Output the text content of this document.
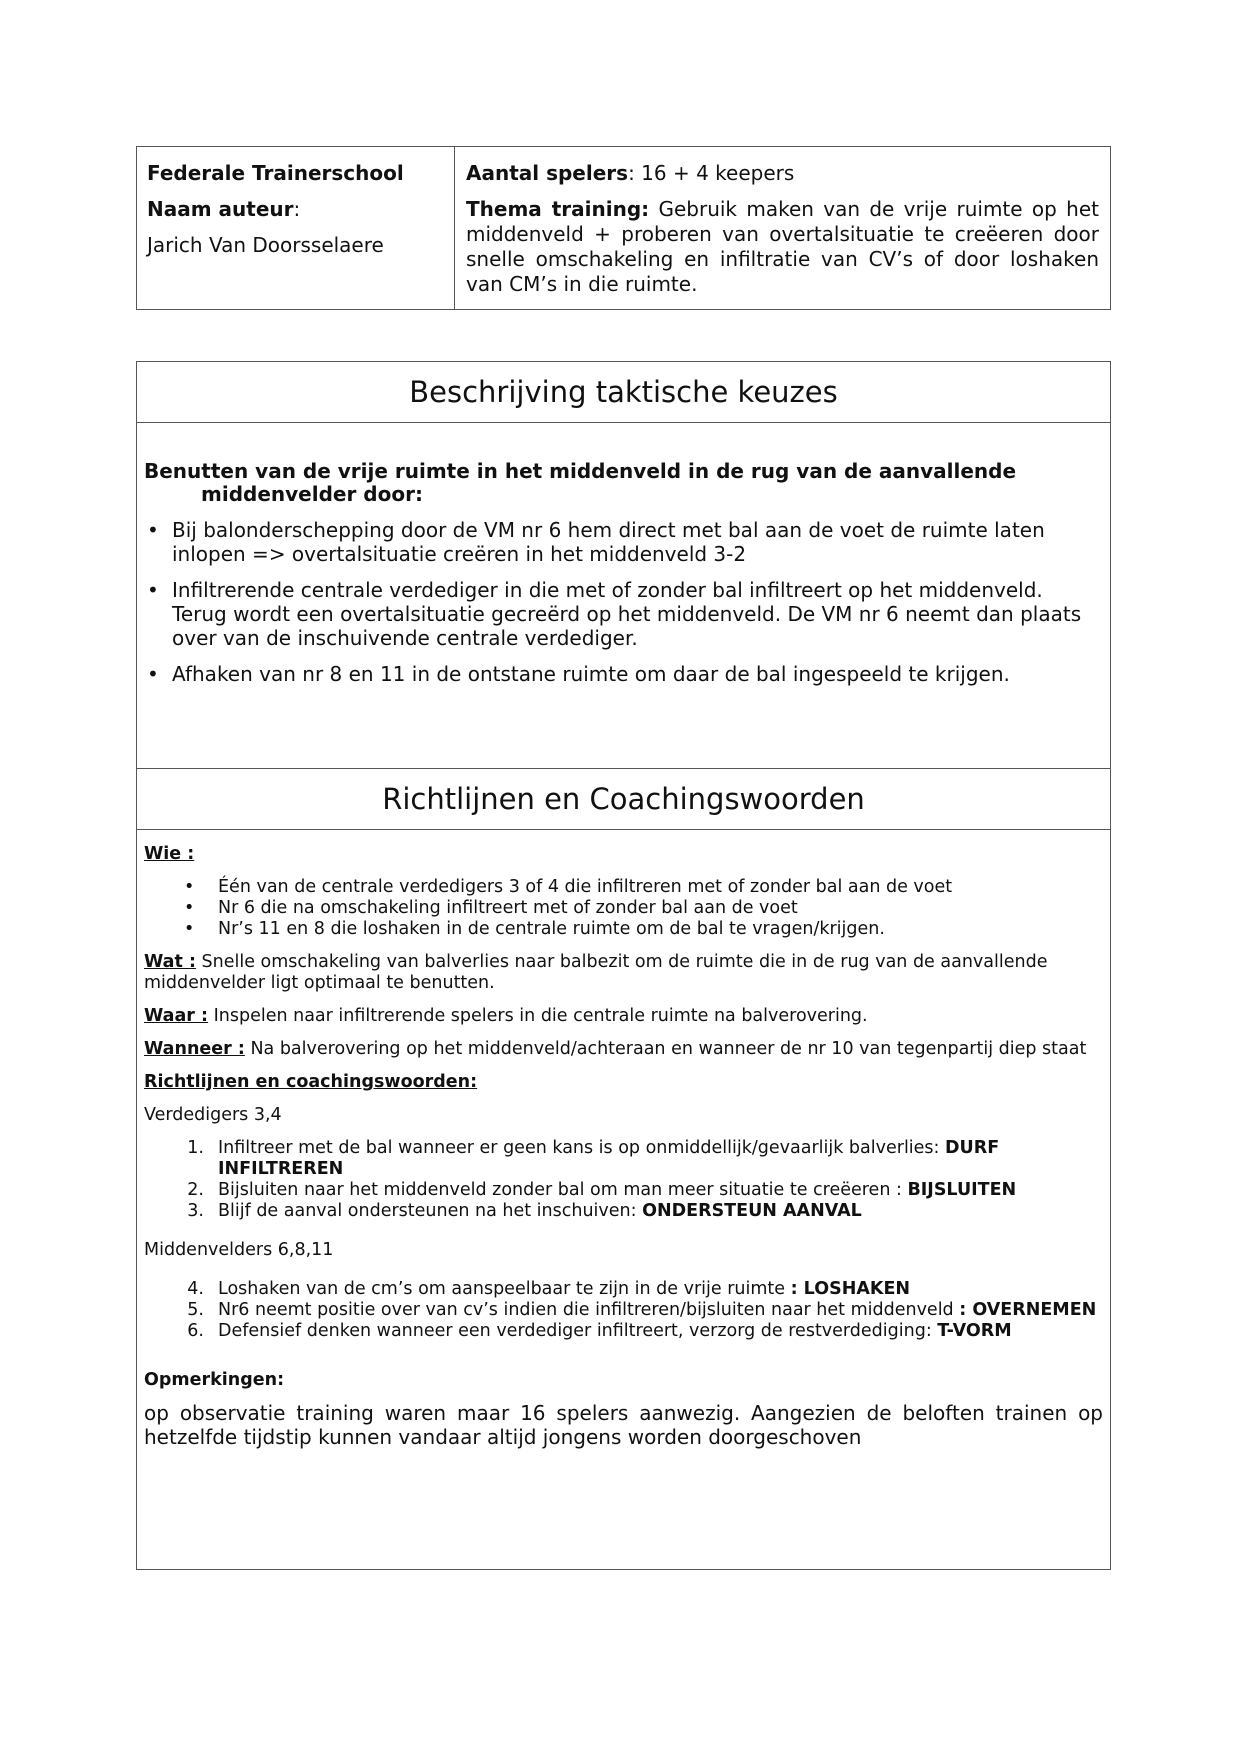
Federale Trainerschool

Naam auteur:

Jarich Van Doorsselaere

Aantal spelers: 16 + 4 keepers

Thema training: Gebruik maken van de vrije ruimte op het middenveld + proberen van overtalsituatie te creëeren door snelle omschakeling en infiltratie van CV’s of door loshaken van CM’s in die ruimte.

Beschrijving taktische keuzes

Benutten van de vrije ruimte in het middenveld in de rug van de aanvallende middenvelder door:

• Bij balonderschepping door de VM nr 6 hem direct met bal aan de voet de ruimte laten inlopen => overtalsituatie creëren in het middenveld 3-2
• Infiltrerende centrale verdediger in die met of zonder bal infiltreert op het middenveld. Terug wordt een overtalsituatie gecreërd op het middenveld. De VM nr 6 neemt dan plaats over van de inschuivende centrale verdediger.
• Afhaken van nr 8 en 11 in de ontstane ruimte om daar de bal ingespeeld te krijgen.
Richtlijnen en Coachingswoorden

Wie :

• Één van de centrale verdedigers 3 of 4 die infiltreren met of zonder bal aan de voet
• Nr 6 die na omschakeling infiltreert met of zonder bal aan de voet
• Nr’s 11 en 8 die loshaken in de centrale ruimte om de bal te vragen/krijgen.

Wat : Snelle omschakeling van balverlies naar balbezit om de ruimte die in de rug van de aanvallende middenvelder ligt optimaal te benutten.

Waar : Inspelen naar infiltrerende spelers in die centrale ruimte na balverovering.

Wanneer : Na balverovering op het middenveld/achteraan en wanneer de nr 10 van tegenpartij diep staat

Richtlijnen en coachingswoorden:

Verdedigers 3,4

1. Infiltreer met de bal wanneer er geen kans is op onmiddellijk/gevaarlijk balverlies: DURF INFILTREREN
2. Bijsluiten naar het middenveld zonder bal om man meer situatie te creëeren : BIJSLUITEN
3. Blijf de aanval ondersteunen na het inschuiven: ONDERSTEUN AANVAL

Middenvelders 6,8,11

4. Loshaken van de cm’s om aanspeelbaar te zijn in de vrije ruimte : LOSHAKEN
5. Nr6 neemt positie over van cv’s indien die infiltreren/bijsluiten naar het middenveld : OVERNEMEN
6. Defensief denken wanneer een verdediger infiltreert, verzorg de restverdediging: T-VORM

Opmerkingen:

op observatie training waren maar 16 spelers aanwezig. Aangezien de beloften trainen op hetzelfde tijdstip kunnen vandaar altijd jongens worden doorgeschoven
